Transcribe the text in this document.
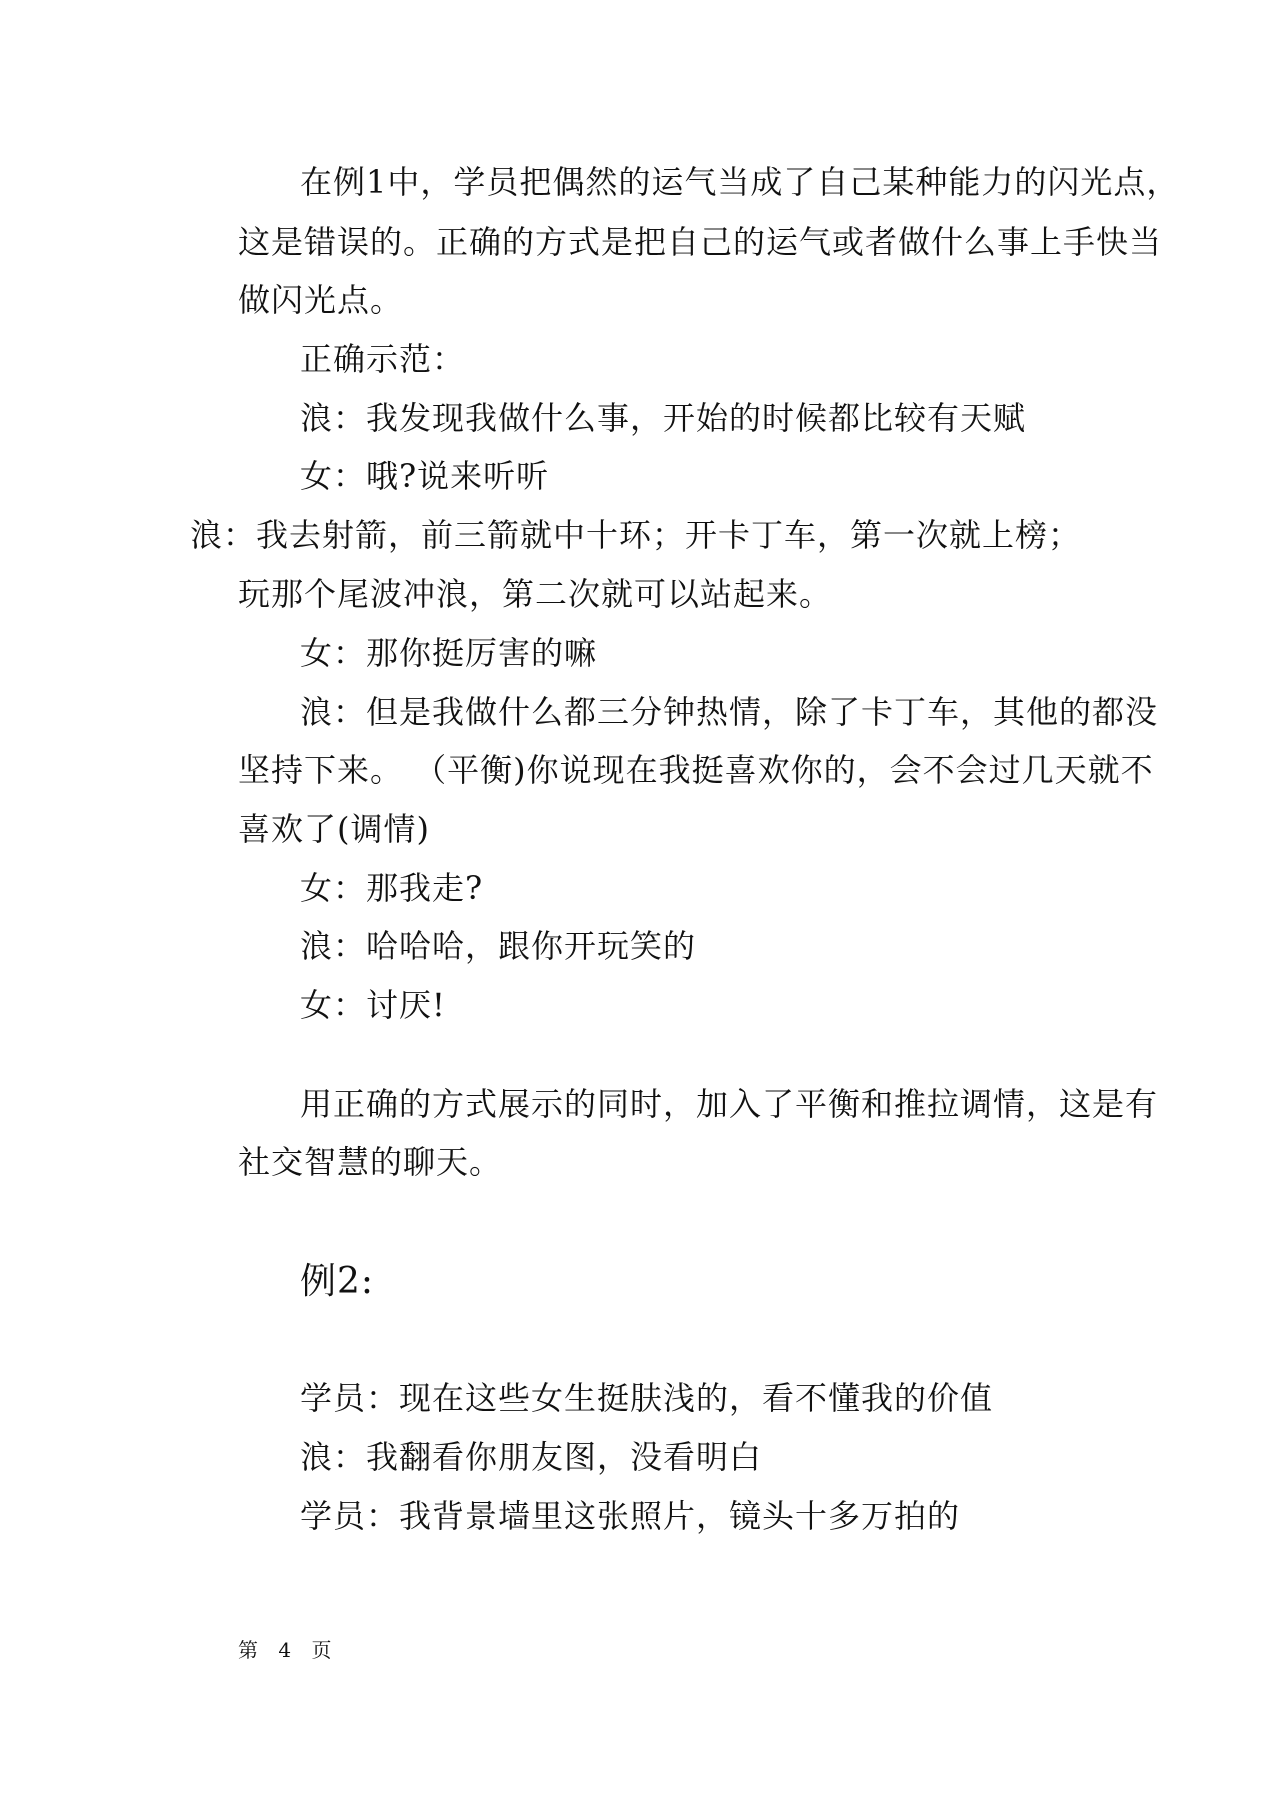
在例1中，学员把偶然的运气当成了自己某种能力的闪光点，
这是错误的。正确的方式是把自己的运气或者做什么事上手快当
做闪光点。
正确示范：
浪：我发现我做什么事，开始的时候都比较有天赋
女：哦?说来听听
浪：我去射箭，前三箭就中十环；开卡丁车，第一次就上榜；
玩那个尾波冲浪，第二次就可以站起来。
女：那你挺厉害的嘛
浪：但是我做什么都三分钟热情，除了卡丁车，其他的都没
坚持下来。 （平衡)你说现在我挺喜欢你的，会不会过几天就不
喜欢了(调情)
女：那我走?
浪：哈哈哈，跟你开玩笑的
女：讨厌!
用正确的方式展示的同时，加入了平衡和推拉调情，这是有
社交智慧的聊天。
例2:
学员：现在这些女生挺肤浅的，看不懂我的价值
浪：我翻看你朋友图，没看明白
学员：我背景墙里这张照片，镜头十多万拍的
第 4 页
